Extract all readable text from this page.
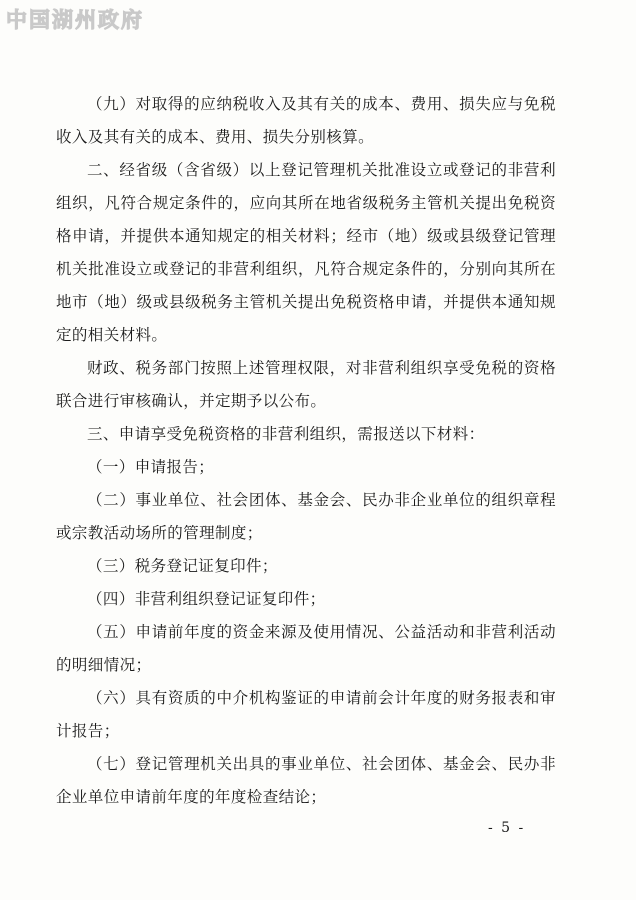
中国湖州政府

（九）对取得的应纳税收入及其有关的成本、费用、损失应与免税收入及其有关的成本、费用、损失分别核算。

二、经省级（含省级）以上登记管理机关批准设立或登记的非营利组织，凡符合规定条件的，应向其所在地省级税务主管机关提出免税资格申请，并提供本通知规定的相关材料；经市（地）级或县级登记管理机关批准设立或登记的非营利组织，凡符合规定条件的，分别向其所在地市（地）级或县级税务主管机关提出免税资格申请，并提供本通知规定的相关材料。

财政、税务部门按照上述管理权限，对非营利组织享受免税的资格联合进行审核确认，并定期予以公布。

三、申请享受免税资格的非营利组织，需报送以下材料：

（一）申请报告；

（二）事业单位、社会团体、基金会、民办非企业单位的组织章程或宗教活动场所的管理制度；

（三）税务登记证复印件；

（四）非营利组织登记证复印件；

（五）申请前年度的资金来源及使用情况、公益活动和非营利活动的明细情况；

（六）具有资质的中介机构鉴证的申请前会计年度的财务报表和审计报告；

（七）登记管理机关出具的事业单位、社会团体、基金会、民办非企业单位申请前年度的年度检查结论；

- 5 -
